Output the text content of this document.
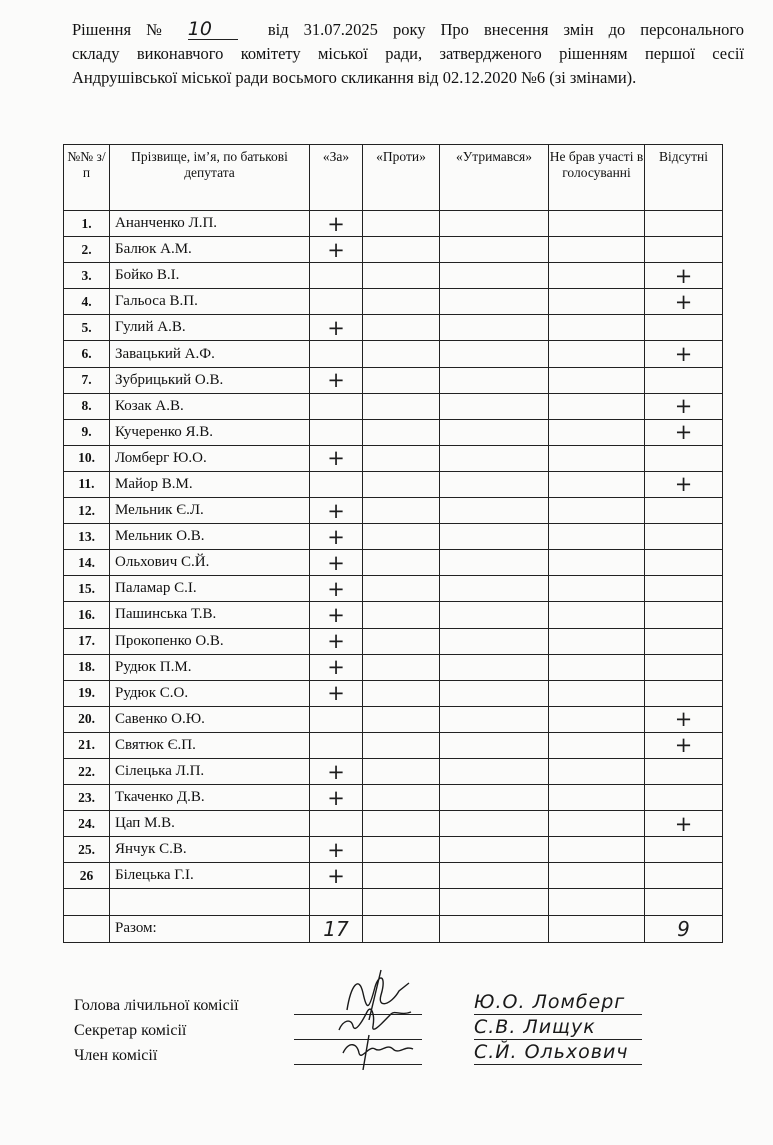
Рішення № 10	від 31.07.2025 року Про внесення змін до персонального
складу виконавчого комітету міської ради, затвердженого рішенням першої сесії
Андрушівської міської ради восьмого скликання від 02.12.2020 №6 (зі змінами).
№№ з/п	Прізвище, ім’я, по батькові депутата	«За»	«Проти»	«Утримався»	Не брав участі в голосуванні	Відсутні
1.	Ананченко Л.П.	+				
2.	Балюк А.М.	+				
3.	Бойко В.І.					+
4.	Гальоса В.П.					+
5.	Гулий А.В.	+				
6.	Завацький А.Ф.					+
7.	Зубрицький О.В.	+				
8.	Козак А.В.					+
9.	Кучеренко Я.В.					+
10.	Ломберг Ю.О.	+				
11.	Майор В.М.					+
12.	Мельник Є.Л.	+				
13.	Мельник О.В.	+				
14.	Ольхович С.Й.	+				
15.	Паламар С.І.	+				
16.	Пашинська Т.В.	+				
17.	Прокопенко О.В.	+				
18.	Рудюк П.М.	+				
19.	Рудюк С.О.	+				
20.	Савенко О.Ю.					+
21.	Святюк Є.П.					+
22.	Сілецька Л.П.	+				
23.	Ткаченко Д.В.	+				
24.	Цап М.В.					+
25.	Янчук С.В.	+				
26	Білецька Г.І.	+				

	Разом:	17				9
Голова лічильної комісії	Ю.О. Ломберг
Секретар комісії	С.В. Лищук
Член комісії	С.Й. Ольхович
